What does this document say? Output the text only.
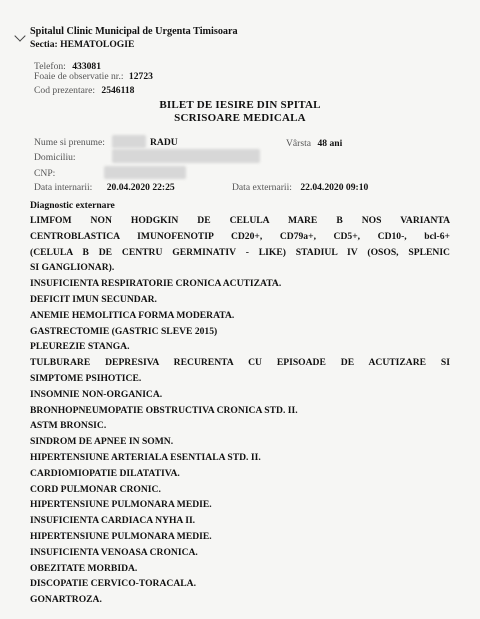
Spitalul Clinic Municipal de Urgenta Timisoara
Sectia: HEMATOLOGIE
Telefon: 433081
Foaie de observatie nr.: 12723
Cod prezentare: 2546118
BILET DE IESIRE DIN SPITAL
SCRISOARE MEDICALA
Nume si prenume:	RADU	Vârsta 48 ani
Domiciliu:
CNP:
Data internarii: 20.04.2020 22:25	Data externarii: 22.04.2020 09:10
Diagnostic externare
LIMFOM NON HODGKIN DE CELULA MARE B NOS VARIANTA
CENTROBLASTICA IMUNOFENOTIP CD20+, CD79a+, CD5+, CD10-, bcl-6+
(CELULA B DE CENTRU GERMINATIV - LIKE) STADIUL IV (OSOS, SPLENIC
SI GANGLIONAR).
INSUFICIENTA RESPIRATORIE CRONICA ACUTIZATA.
DEFICIT IMUN SECUNDAR.
ANEMIE HEMOLITICA FORMA MODERATA.
GASTRECTOMIE (GASTRIC SLEVE 2015)
PLEUREZIE STANGA.
TULBURARE DEPRESIVA RECURENTA CU EPISOADE DE ACUTIZARE SI
SIMPTOME PSIHOTICE.
INSOMNIE NON-ORGANICA.
BRONHOPNEUMOPATIE OBSTRUCTIVA CRONICA STD. II.
ASTM BRONSIC.
SINDROM DE APNEE IN SOMN.
HIPERTENSIUNE ARTERIALA ESENTIALA STD. II.
CARDIOMIOPATIE DILATATIVA.
CORD PULMONAR CRONIC.
HIPERTENSIUNE PULMONARA MEDIE.
INSUFICIENTA CARDIACA NYHA II.
HIPERTENSIUNE PULMONARA MEDIE.
INSUFICIENTA VENOASA CRONICA.
OBEZITATE MORBIDA.
DISCOPATIE CERVICO-TORACALA.
GONARTROZA.
